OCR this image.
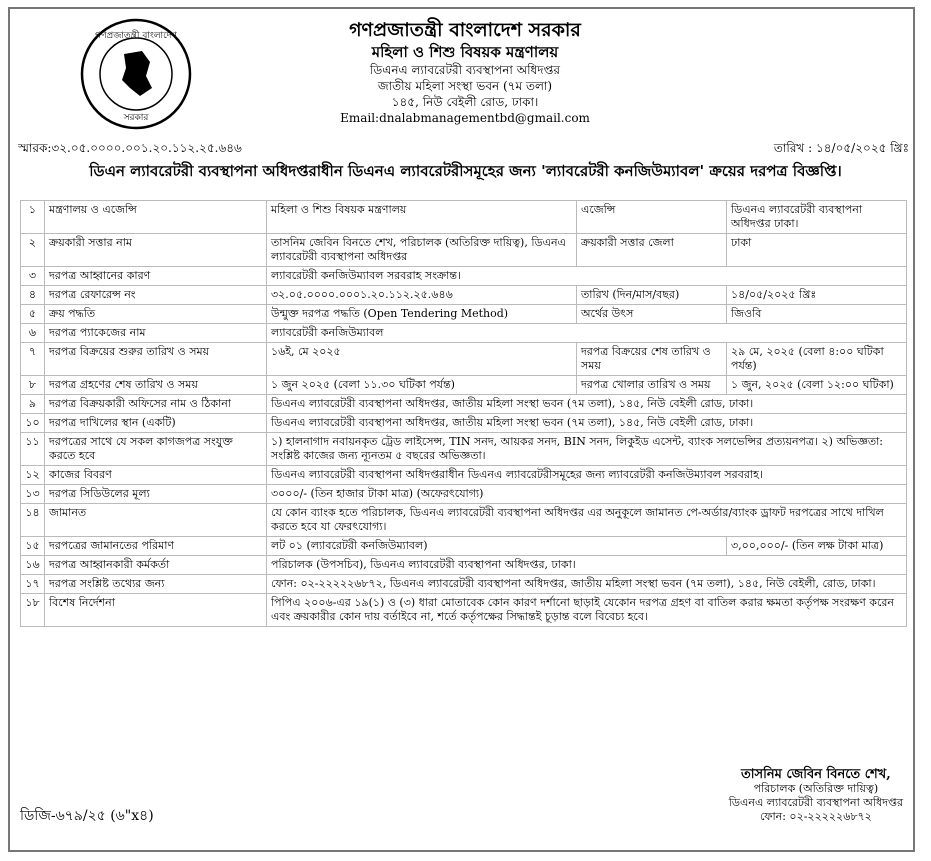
গণপ্রজাতন্ত্রী বাংলাদেশ
সরকার
গণপ্রজাতন্ত্রী বাংলাদেশ সরকার
মহিলা ও শিশু বিষয়ক মন্ত্রণালয়
ডিএনএ ল্যাবরেটরী ব্যবস্থাপনা অধিদপ্তর
জাতীয় মহিলা সংস্থা ভবন (৭ম তলা)
১৪৫, নিউ বেইলী রোড, ঢাকা।
Email:dnalabmanagementbd@gmail.com
স্মারক:৩২.০৫.০০০০.০০১.২০.১১২.২৫.৬৪৬	তারিখ : ১৪/০৫/২০২৫ খ্রিঃ
ডিএন ল্যাবরেটরী ব্যবস্থাপনা অধিদপ্তরাধীন ডিএনএ ল্যাবরেটরীসমূহের জন্য 'ল্যাবরেটরী কনজিউম্যাবল' ক্রয়ের দরপত্র বিজ্ঞপ্তি।
১	মন্ত্রণালয় ও এজেন্সি	মহিলা ও শিশু বিষয়ক মন্ত্রণালয়	এজেন্সি	ডিএনএ ল্যাবরেটরী ব্যবস্থাপনা অধিদপ্তর ঢাকা।
২	ক্রয়কারী সত্তার নাম	তাসনিম জেবিন বিনতে শেখ, পরিচালক (অতিরিক্ত দায়িত্ব), ডিএনএ ল্যাবরেটরী ব্যবস্থাপনা অধিদপ্তর	ক্রয়কারী সত্তার জেলা	ঢাকা
৩	দরপত্র আহ্বানের কারণ	ল্যাবরেটরী কনজিউম্যাবল সরবরাহ সংক্রান্ত।		
৪	দরপত্র রেফারেন্স নং	৩২.০৫.০০০০.০০০১.২০.১১২.২৫.৬৪৬	তারিখ (দিন/মাস/বছর)	১৪/০৫/২০২৫ খ্রিঃ
৫	ক্রয় পদ্ধতি	উন্মুক্ত দরপত্র পদ্ধতি (Open Tendering Method)	অর্থের উৎস	জিওবি
৬	দরপত্র প্যাকেজের নাম	ল্যাবরেটরী কনজিউম্যাবল		
৭	দরপত্র বিক্রয়ের শুরুর তারিখ ও সময়	১৬ই, মে ২০২৫	দরপত্র বিক্রয়ের শেষ তারিখ ও সময়	২৯ মে, ২০২৫ (বেলা ৪:০০ ঘটিকা পর্যন্ত)
৮	দরপত্র গ্রহণের শেষ তারিখ ও সময়	১ জুন ২০২৫ (বেলা ১১.৩০ ঘটিকা পর্যন্ত)	দরপত্র খোলার তারিখ ও সময়	১ জুন, ২০২৫ (বেলা ১২:০০ ঘটিকা)
৯	দরপত্র বিক্রয়কারী অফিসের নাম ও ঠিকানা	ডিএনএ ল্যাবরেটরী ব্যবস্থাপনা অধিদপ্তর, জাতীয় মহিলা সংস্থা ভবন (৭ম তলা), ১৪৫, নিউ বেইলী রোড, ঢাকা।		
১০	দরপত্র দাখিলের স্থান (একটি)	ডিএনএ ল্যাবরেটরী ব্যবস্থাপনা অধিদপ্তর, জাতীয় মহিলা সংস্থা ভবন (৭ম তলা), ১৪৫, নিউ বেইলী রোড, ঢাকা।		
১১	দরপত্রের সাথে যে সকল কাগজপত্র সংযুক্ত করতে হবে	১) হালনাগাদ নবায়নকৃত ট্রেড লাইসেন্স, TIN সনদ, আয়কর সনদ, BIN সনদ, লিকুইড এসেন্ট, ব্যাংক সলভেন্সির প্রত্যয়নপত্র। ২) অভিজ্ঞতা: সংশ্লিষ্ট কাজের জন্য ন্যূনতম ৫ বছরের অভিজ্ঞতা।		
১২	কাজের বিবরণ	ডিএনএ ল্যাবরেটরী ব্যবস্থাপনা অধিদপ্তরাধীন ডিএনএ ল্যাবরেটরীসমূহের জন্য ল্যাবরেটরী কনজিউম্যাবল সরবরাহ।		
১৩	দরপত্র সিডিউলের মূল্য	৩০০০/- (তিন হাজার টাকা মাত্র) (অফেরৎযোগ্য)		
১৪	জামানত	যে কোন ব্যাংক হতে পরিচালক, ডিএনএ ল্যাবরেটরী ব্যবস্থাপনা অধিদপ্তর এর অনুকূলে জামানত পে-অর্ডার/ব্যাংক ড্রাফট দরপত্রের সাথে দাখিল করতে হবে যা ফেরৎযোগ্য।		
১৫	দরপত্রের জামানতের পরিমাণ	লট ০১ (ল্যাবরেটরী কনজিউম্যাবল)		৩,০০,০০০/- (তিন লক্ষ টাকা মাত্র)
১৬	দরপত্র আহ্বানকারী কর্মকর্তা	পরিচালক (উপসচিব), ডিএনএ ল্যাবরেটরী ব্যবস্থাপনা অধিদপ্তর, ঢাকা।		
১৭	দরপত্র সংশ্লিষ্ট তথ্যের জন্য	ফোন: ০২-২২২২২৬৮৭২, ডিএনএ ল্যাবরেটরী ব্যবস্থাপনা অধিদপ্তর, জাতীয় মহিলা সংস্থা ভবন (৭ম তলা), ১৪৫, নিউ বেইলী, রোড, ঢাকা।		
১৮	বিশেষ নির্দেশনা	পিপিএ ২০০৬-এর ১৯(১) ও (৩) ধারা মোতাবেক কোন কারণ দর্শানো ছাড়াই যেকোন দরপত্র গ্রহণ বা বাতিল করার ক্ষমতা কর্তৃপক্ষ সংরক্ষণ করেন এবং ক্রয়কারীর কোন দায় বর্তাইবে না, শর্তে কর্তৃপক্ষের সিদ্ধান্তই চূড়ান্ত বলে বিবেচ্য হবে।		
তাসনিম জেবিন বিনতে শেখ,
পরিচালক (অতিরিক্ত দায়িত্ব)
ডিএনএ ল্যাবরেটরী ব্যবস্থাপনা অধিদপ্তর
ফোন: ০২-২২২২২৬৮৭২
ডিজি-৬৭৯/২৫ (৬"x৪)
